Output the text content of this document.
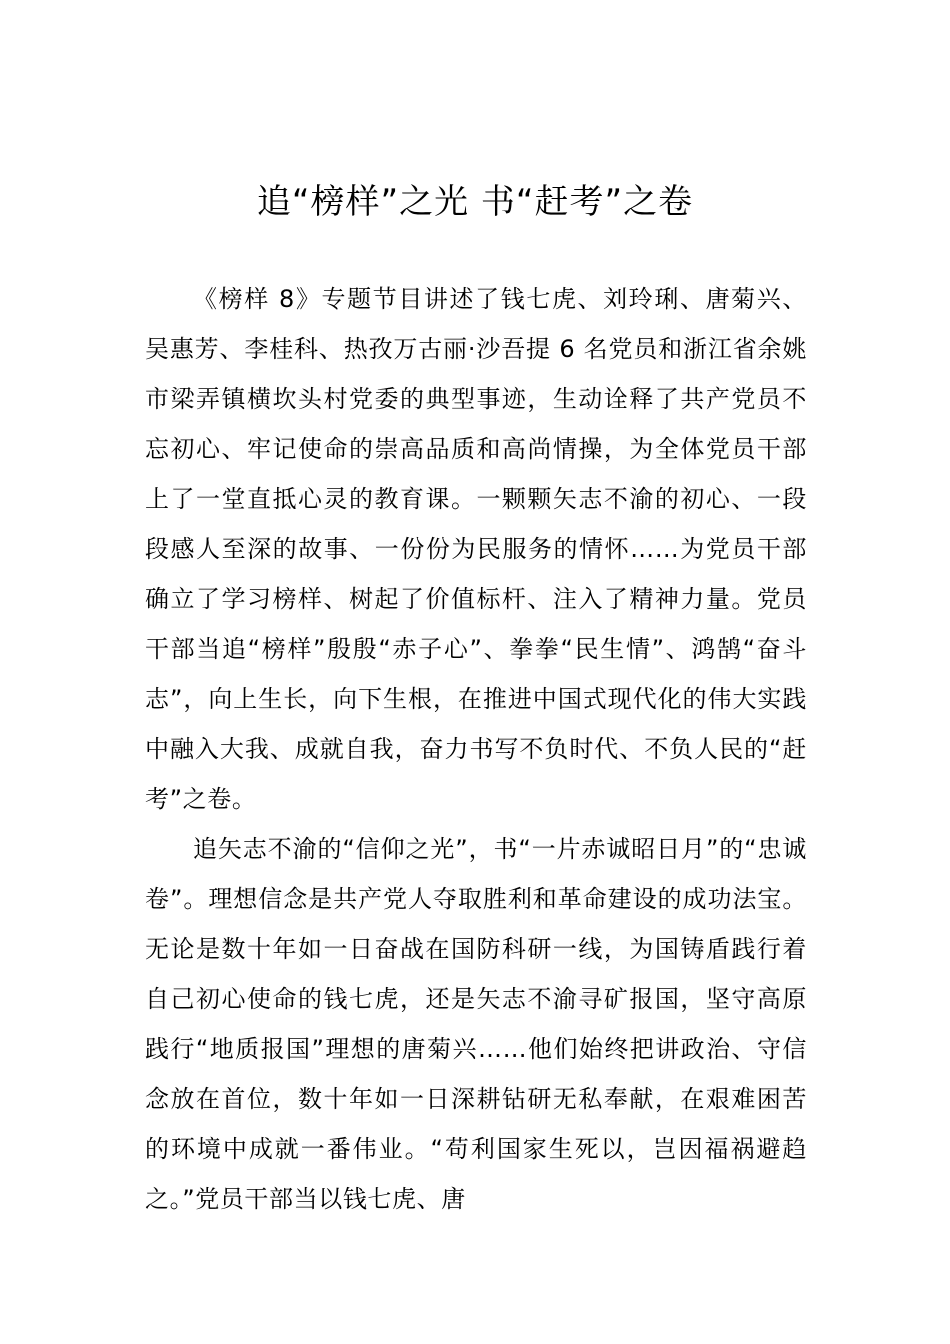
追“榜样”之光 书“赶考”之卷

《榜样 8》专题节目讲述了钱七虎、刘玲琍、唐菊兴、吴惠芳、李桂科、热孜万古丽·沙吾提 6 名党员和浙江省余姚市梁弄镇横坎头村党委的典型事迹，生动诠释了共产党员不忘初心、牢记使命的崇高品质和高尚情操，为全体党员干部上了一堂直抵心灵的教育课。一颗颗矢志不渝的初心、一段段感人至深的故事、一份份为民服务的情怀……为党员干部确立了学习榜样、树起了价值标杆、注入了精神力量。党员干部当追“榜样”殷殷“赤子心”、拳拳“民生情”、鸿鹄“奋斗志”，向上生长，向下生根，在推进中国式现代化的伟大实践中融入大我、成就自我，奋力书写不负时代、不负人民的“赶考”之卷。

追矢志不渝的“信仰之光”，书“一片赤诚昭日月”的“忠诚卷”。理想信念是共产党人夺取胜利和革命建设的成功法宝。无论是数十年如一日奋战在国防科研一线，为国铸盾践行着自己初心使命的钱七虎，还是矢志不渝寻矿报国，坚守高原践行“地质报国”理想的唐菊兴……他们始终把讲政治、守信念放在首位，数十年如一日深耕钻研无私奉献，在艰难困苦的环境中成就一番伟业。“苟利国家生死以，岂因福祸避趋之。”党员干部当以钱七虎、唐
